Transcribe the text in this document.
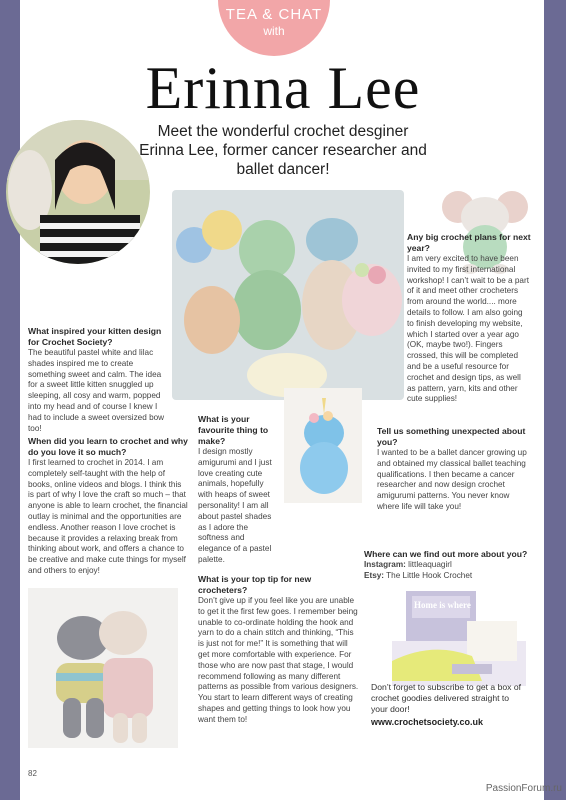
TEA & CHAT
with
Erinna Lee
Meet the wonderful crochet desginer Erinna Lee, former cancer researcher and ballet dancer!
Home is where
What inspired your kitten design for Crochet Society?

The beautiful pastel white and lilac shades inspired me to create something sweet and calm. The idea for a sweet little kitten snuggled up sleeping, all cosy and warm, popped into my head and of course I knew I had to include a sweet oversized bow too!

When did you learn to crochet and why do you love it so much?

I first learned to crochet in 2014. I am completely self-taught with the help of books, online videos and blogs. I think this is part of why I love the craft so much – that anyone is able to learn crochet, the financial outlay is minimal and the opportunities are endless. Another reason I love crochet is because it provides a relaxing break from thinking about work, and offers a chance to be creative and make cute things for myself and others to enjoy!

What is your favourite thing to make?

I design mostly amigurumi and I just love creating cute animals, hopefully with heaps of sweet personality! I am all about pastel shades as I adore the softness and elegance of a pastel palette.

What is your top tip for new crocheters?

Don’t give up if you feel like you are unable to get it the first few goes. I remember being unable to co-ordinate holding the hook and yarn to do a chain stitch and thinking, “This is just not for me!” It is something that will get more comfortable with experience. For those who are now past that stage, I would recommend following as many different patterns as possible from various designers. You start to learn different ways of creating shapes and getting things to look how you want them to!

Any big crochet plans for next year?

I am very excited to have been invited to my first international workshop! I can’t wait to be a part of it and meet other crocheters from around the world.... more details to follow. I am also going to finish developing my website, which I started over a year ago (OK, maybe two!). Fingers crossed, this will be completed and be a useful resource for crochet and design tips, as well as pattern, yarn, kits and other cute supplies!

Tell us something unexpected about you?

I wanted to be a ballet dancer growing up and obtained my classical ballet teaching qualifications. I then became a cancer researcher and now design crochet amigurumi patterns. You never know where life will take you!

Where can we find out more about you?

Instagram: littleaquagirl

Etsy: The Little Hook Crochet

Don’t forget to subscribe to get a box of crochet goodies delivered straight to your door!

www.crochetsociety.co.uk
82
PassionForum.ru
